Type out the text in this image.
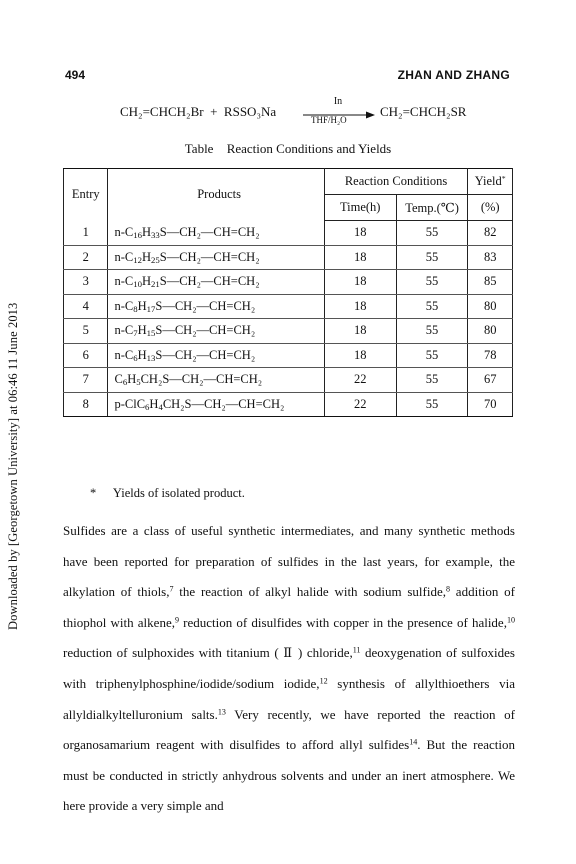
Downloaded by [Georgetown University] at 06:46 11 June 2013
494	ZHAN AND ZHANG
CH₂=CHCH₂Br + RSSO₃Na
In
THF/H₂O
CH₂=CHCH₂SR
Table Reaction Conditions and Yields
Entry	Products	Reaction Conditions		Yield*
		Time(h)	Temp.(℃)	(%)
1	$n-C_{16}H_{33}S—CH_2—CH=CH_2$	18	55	82
2	$n-C_{12}H_{25}S—CH_2—CH=CH_2$	18	55	83
3	$n-C_{10}H_{21}S—CH_2—CH=CH_2$	18	55	85
4	$n-C_8H_{17}S—CH_2—CH=CH_2$	18	55	80
5	$n-C_7H_{15}S—CH_2—CH=CH_2$	18	55	80
6	$n-C_6H_{13}S—CH_2—CH=CH_2$	18	55	78
7	$C_6H_5CH_2S—CH_2—CH=CH_2$	22	55	67
8	$p-ClC_6H_4CH_2S—CH_2—CH=CH_2$	22	55	70
* Yields of isolated product.

Sulfides are a class of useful synthetic intermediates, and many synthetic methods have been reported for preparation of sulfides in the last years, for example, the alkylation of thiols,$^7$ the reaction of alkyl halide with sodium sulfide,$^8$ addition of thiophol with alkene,$^9$ reduction of disulfides with copper in the presence of halide,$^{10}$ reduction of sulphoxides with titanium ( Ⅱ ) chloride,$^{11}$ deoxygenation of sulfoxides with triphenylphosphine/iodide/sodium iodide,$^{12}$ synthesis of allylthioethers via allyldialkyltelluronium salts.$^{13}$ Very recently, we have reported the reaction of organosamarium reagent with disulfides to afford allyl sulfides$^{14}$. But the reaction must be conducted in strictly anhydrous solvents and under an inert atmosphere. We here provide a very simple and
